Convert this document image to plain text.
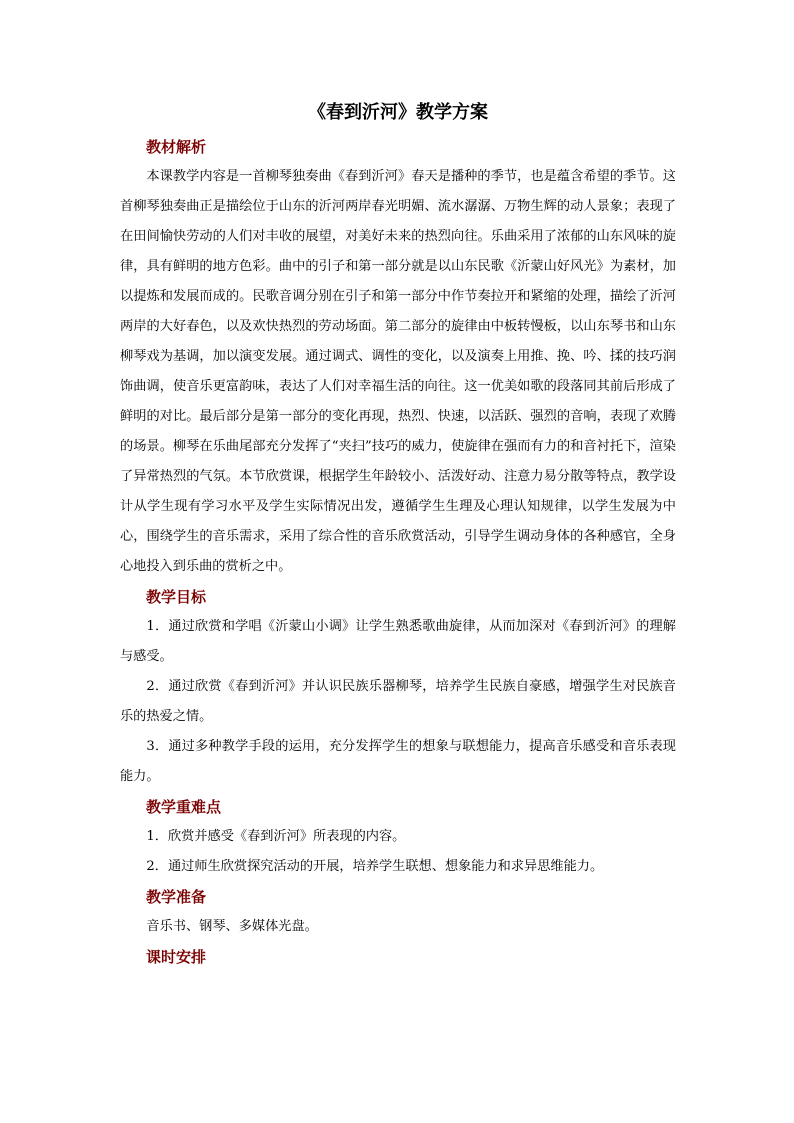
《春到沂河》教学方案
教材解析

本课教学内容是一首柳琴独奏曲《春到沂河》春天是播种的季节，也是蕴含希望的季节。这首柳琴独奏曲正是描绘位于山东的沂河两岸春光明媚、流水潺潺、万物生辉的动人景象；表现了在田间愉快劳动的人们对丰收的展望，对美好未来的热烈向往。乐曲采用了浓郁的山东风味的旋律，具有鲜明的地方色彩。曲中的引子和第一部分就是以山东民歌《沂蒙山好风光》为素材，加以提炼和发展而成的。民歌音调分别在引子和第一部分中作节奏拉开和紧缩的处理，描绘了沂河两岸的大好春色，以及欢快热烈的劳动场面。第二部分的旋律由中板转慢板，以山东琴书和山东柳琴戏为基调，加以演变发展。通过调式、调性的变化，以及演奏上用推、挽、吟、揉的技巧润饰曲调，使音乐更富韵味，表达了人们对幸福生活的向往。这一优美如歌的段落同其前后形成了鲜明的对比。最后部分是第一部分的变化再现，热烈、快速，以活跃、强烈的音响，表现了欢腾的场景。柳琴在乐曲尾部充分发挥了“夹扫”技巧的威力，使旋律在强而有力的和音衬托下，渲染了异常热烈的气氛。本节欣赏课，根据学生年龄较小、活泼好动、注意力易分散等特点，教学设计从学生现有学习水平及学生实际情况出发，遵循学生生理及心理认知规律，以学生发展为中心，围绕学生的音乐需求，采用了综合性的音乐欣赏活动，引导学生调动身体的各种感官，全身心地投入到乐曲的赏析之中。

教学目标

1．通过欣赏和学唱《沂蒙山小调》让学生熟悉歌曲旋律，从而加深对《春到沂河》的理解与感受。

2．通过欣赏《春到沂河》并认识民族乐器柳琴，培养学生民族自豪感，增强学生对民族音乐的热爱之情。

3．通过多种教学手段的运用，充分发挥学生的想象与联想能力，提高音乐感受和音乐表现能力。

教学重难点

1．欣赏并感受《春到沂河》所表现的内容。

2．通过师生欣赏探究活动的开展，培养学生联想、想象能力和求异思维能力。

教学准备

音乐书、钢琴、多媒体光盘。

课时安排
